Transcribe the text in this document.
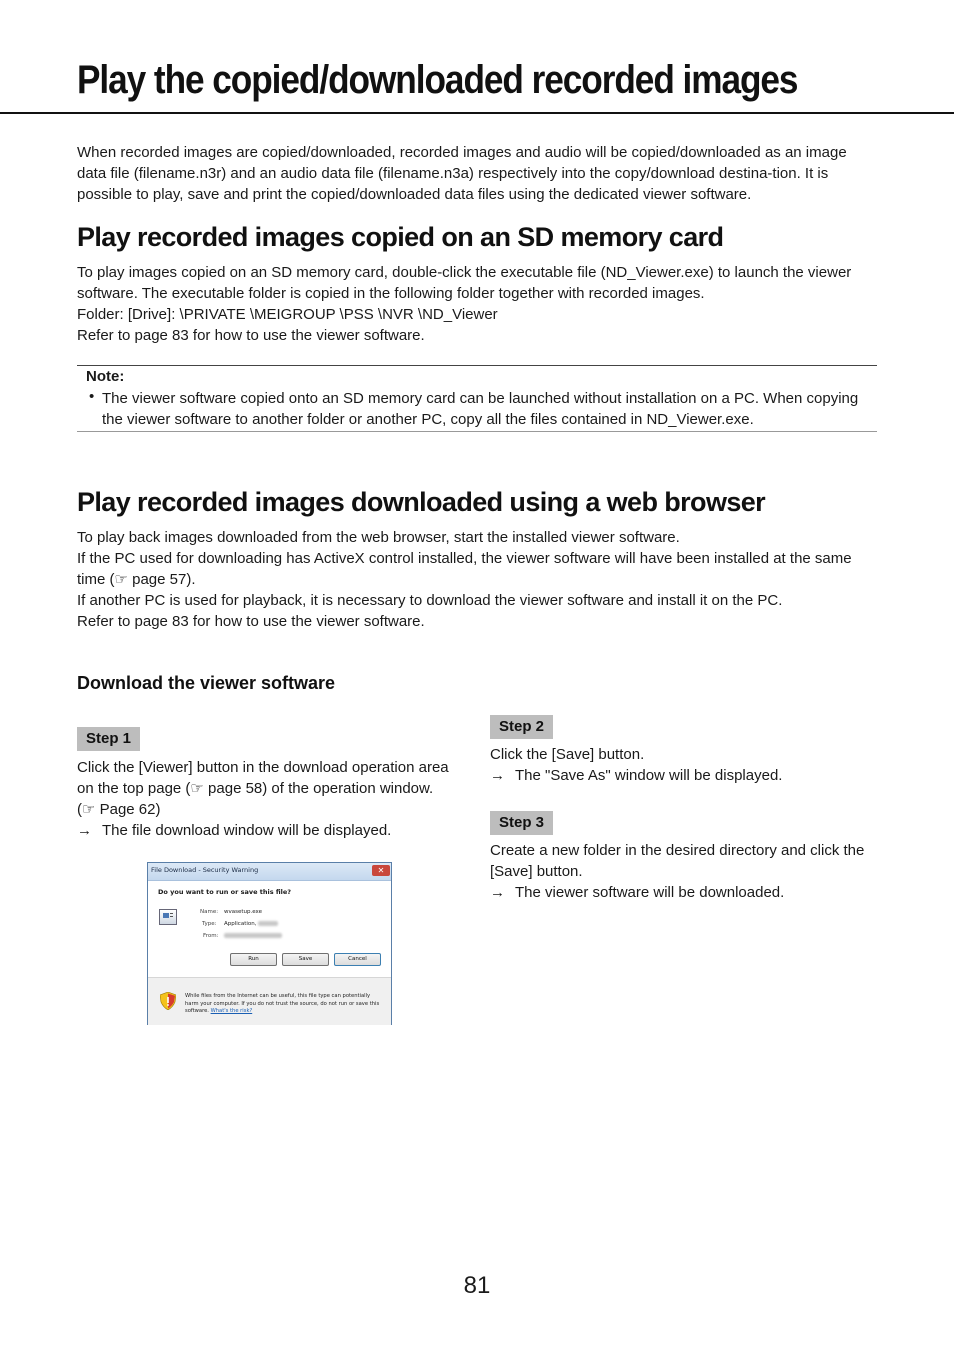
Play the copied/downloaded recorded images
When recorded images are copied/downloaded, recorded images and audio will be copied/downloaded as an image data file (filename.n3r) and an audio data file (filename.n3a) respectively into the copy/download destina-tion. It is possible to play, save and print the copied/downloaded data files using the dedicated viewer software.
Play recorded images copied on an SD memory card

To play images copied on an SD memory card, double-click the executable file (ND_Viewer.exe) to launch the viewer software. The executable folder is copied in the following folder together with recorded images.

Folder: [Drive]: \PRIVATE \MEIGROUP \PSS \NVR \ND_Viewer

Refer to page 83 for how to use the viewer software.

Note:
• The viewer software copied onto an SD memory card can be launched without installation on a PC. When copying the viewer software to another folder or another PC, copy all the files contained in ND_Viewer.exe.
Play recorded images downloaded using a web browser

To play back images downloaded from the web browser, start the installed viewer software.

If the PC used for downloading has ActiveX control installed, the viewer software will have been installed at the same time (☞ page 57).

If another PC is used for playback, it is necessary to download the viewer software and install it on the PC.

Refer to page 83 for how to use the viewer software.

Download the viewer software
Step 1

Click the [Viewer] button in the download operation area on the top page (☞ page 58) of the operation window. (☞ Page 62)

→ The file download window will be displayed.

Step 2

Click the [Save] button.

→ The "Save As" window will be displayed.

Step 3

Create a new folder in the desired directory and click the [Save] button.

→ The viewer software will be downloaded.

File Download - Security Warning	✕
Do you want to run or save this file?
Name: wvasetup.exe
Type: Application,
From:
Run	Save	Cancel
While files from the Internet can be useful, this file type can potentially harm your computer. If you do not trust the source, do not run or save this software. What's the risk?
81
